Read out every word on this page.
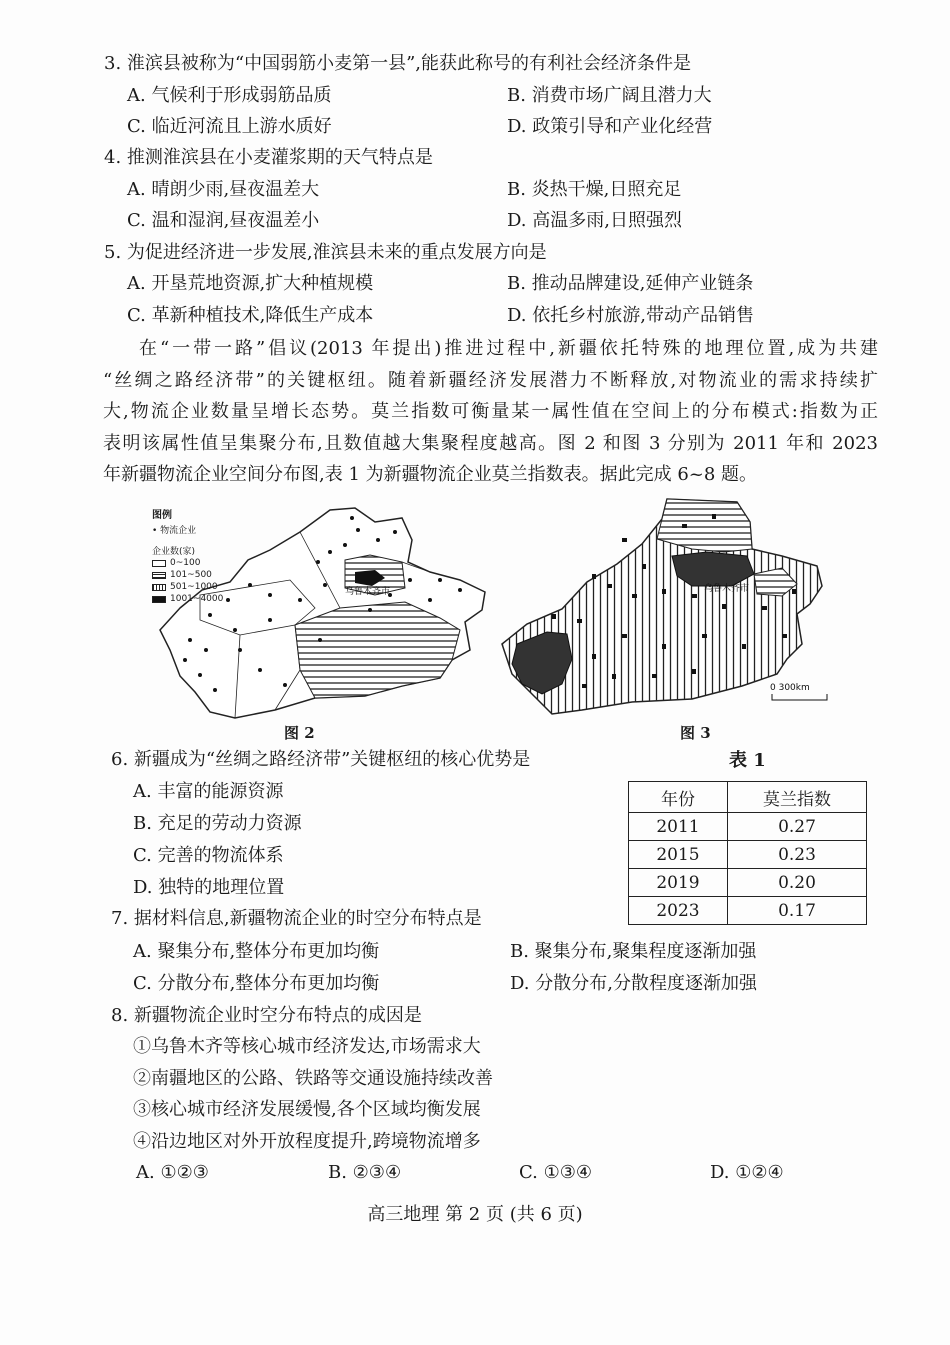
3. 淮滨县被称为“中国弱筋小麦第一县”,能获此称号的有利社会经济条件是
A. 气候利于形成弱筋品质	B. 消费市场广阔且潜力大
C. 临近河流且上游水质好	D. 政策引导和产业化经营
4. 推测淮滨县在小麦灌浆期的天气特点是
A. 晴朗少雨,昼夜温差大	B. 炎热干燥,日照充足
C. 温和湿润,昼夜温差小	D. 高温多雨,日照强烈
5. 为促进经济进一步发展,淮滨县未来的重点发展方向是
A. 开垦荒地资源,扩大种植规模	B. 推动品牌建设,延伸产业链条
C. 革新种植技术,降低生产成本	D. 依托乡村旅游,带动产品销售

在“一带一路”倡议(2013 年提出)推进过程中,新疆依托特殊的地理位置,成为共建

“丝绸之路经济带”的关键枢纽。随着新疆经济发展潜力不断释放,对物流业的需求持续扩

大,物流企业数量呈增长态势。莫兰指数可衡量某一属性值在空间上的分布模式:指数为正

表明该属性值呈集聚分布,且数值越大集聚程度越高。图 2 和图 3 分别为 2011 年和 2023

年新疆物流企业空间分布图,表 1 为新疆物流企业莫兰指数表。据此完成 6~8 题。

乌鲁木齐市
图例
• 物流企业
企业数(家)
0~100
101~500
501~1000
1001~4000
图 2
乌鲁木齐市
0 300km
图 3
6. 新疆成为“丝绸之路经济带”关键枢纽的核心优势是
A. 丰富的能源资源
B. 充足的劳动力资源
C. 完善的物流体系
D. 独特的地理位置
表 1
年份	莫兰指数
2011	0.27
2015	0.23
2019	0.20
2023	0.17
7. 据材料信息,新疆物流企业的时空分布特点是
A. 聚集分布,整体分布更加均衡	B. 聚集分布,聚集程度逐渐加强
C. 分散分布,整体分布更加均衡	D. 分散分布,分散程度逐渐加强
8. 新疆物流企业时空分布特点的成因是
①乌鲁木齐等核心城市经济发达,市场需求大
②南疆地区的公路、铁路等交通设施持续改善
③核心城市经济发展缓慢,各个区域均衡发展
④沿边地区对外开放程度提升,跨境物流增多
A. ①②③	B. ②③④	C. ①③④	D. ①②④
高三地理 第 2 页 (共 6 页)
